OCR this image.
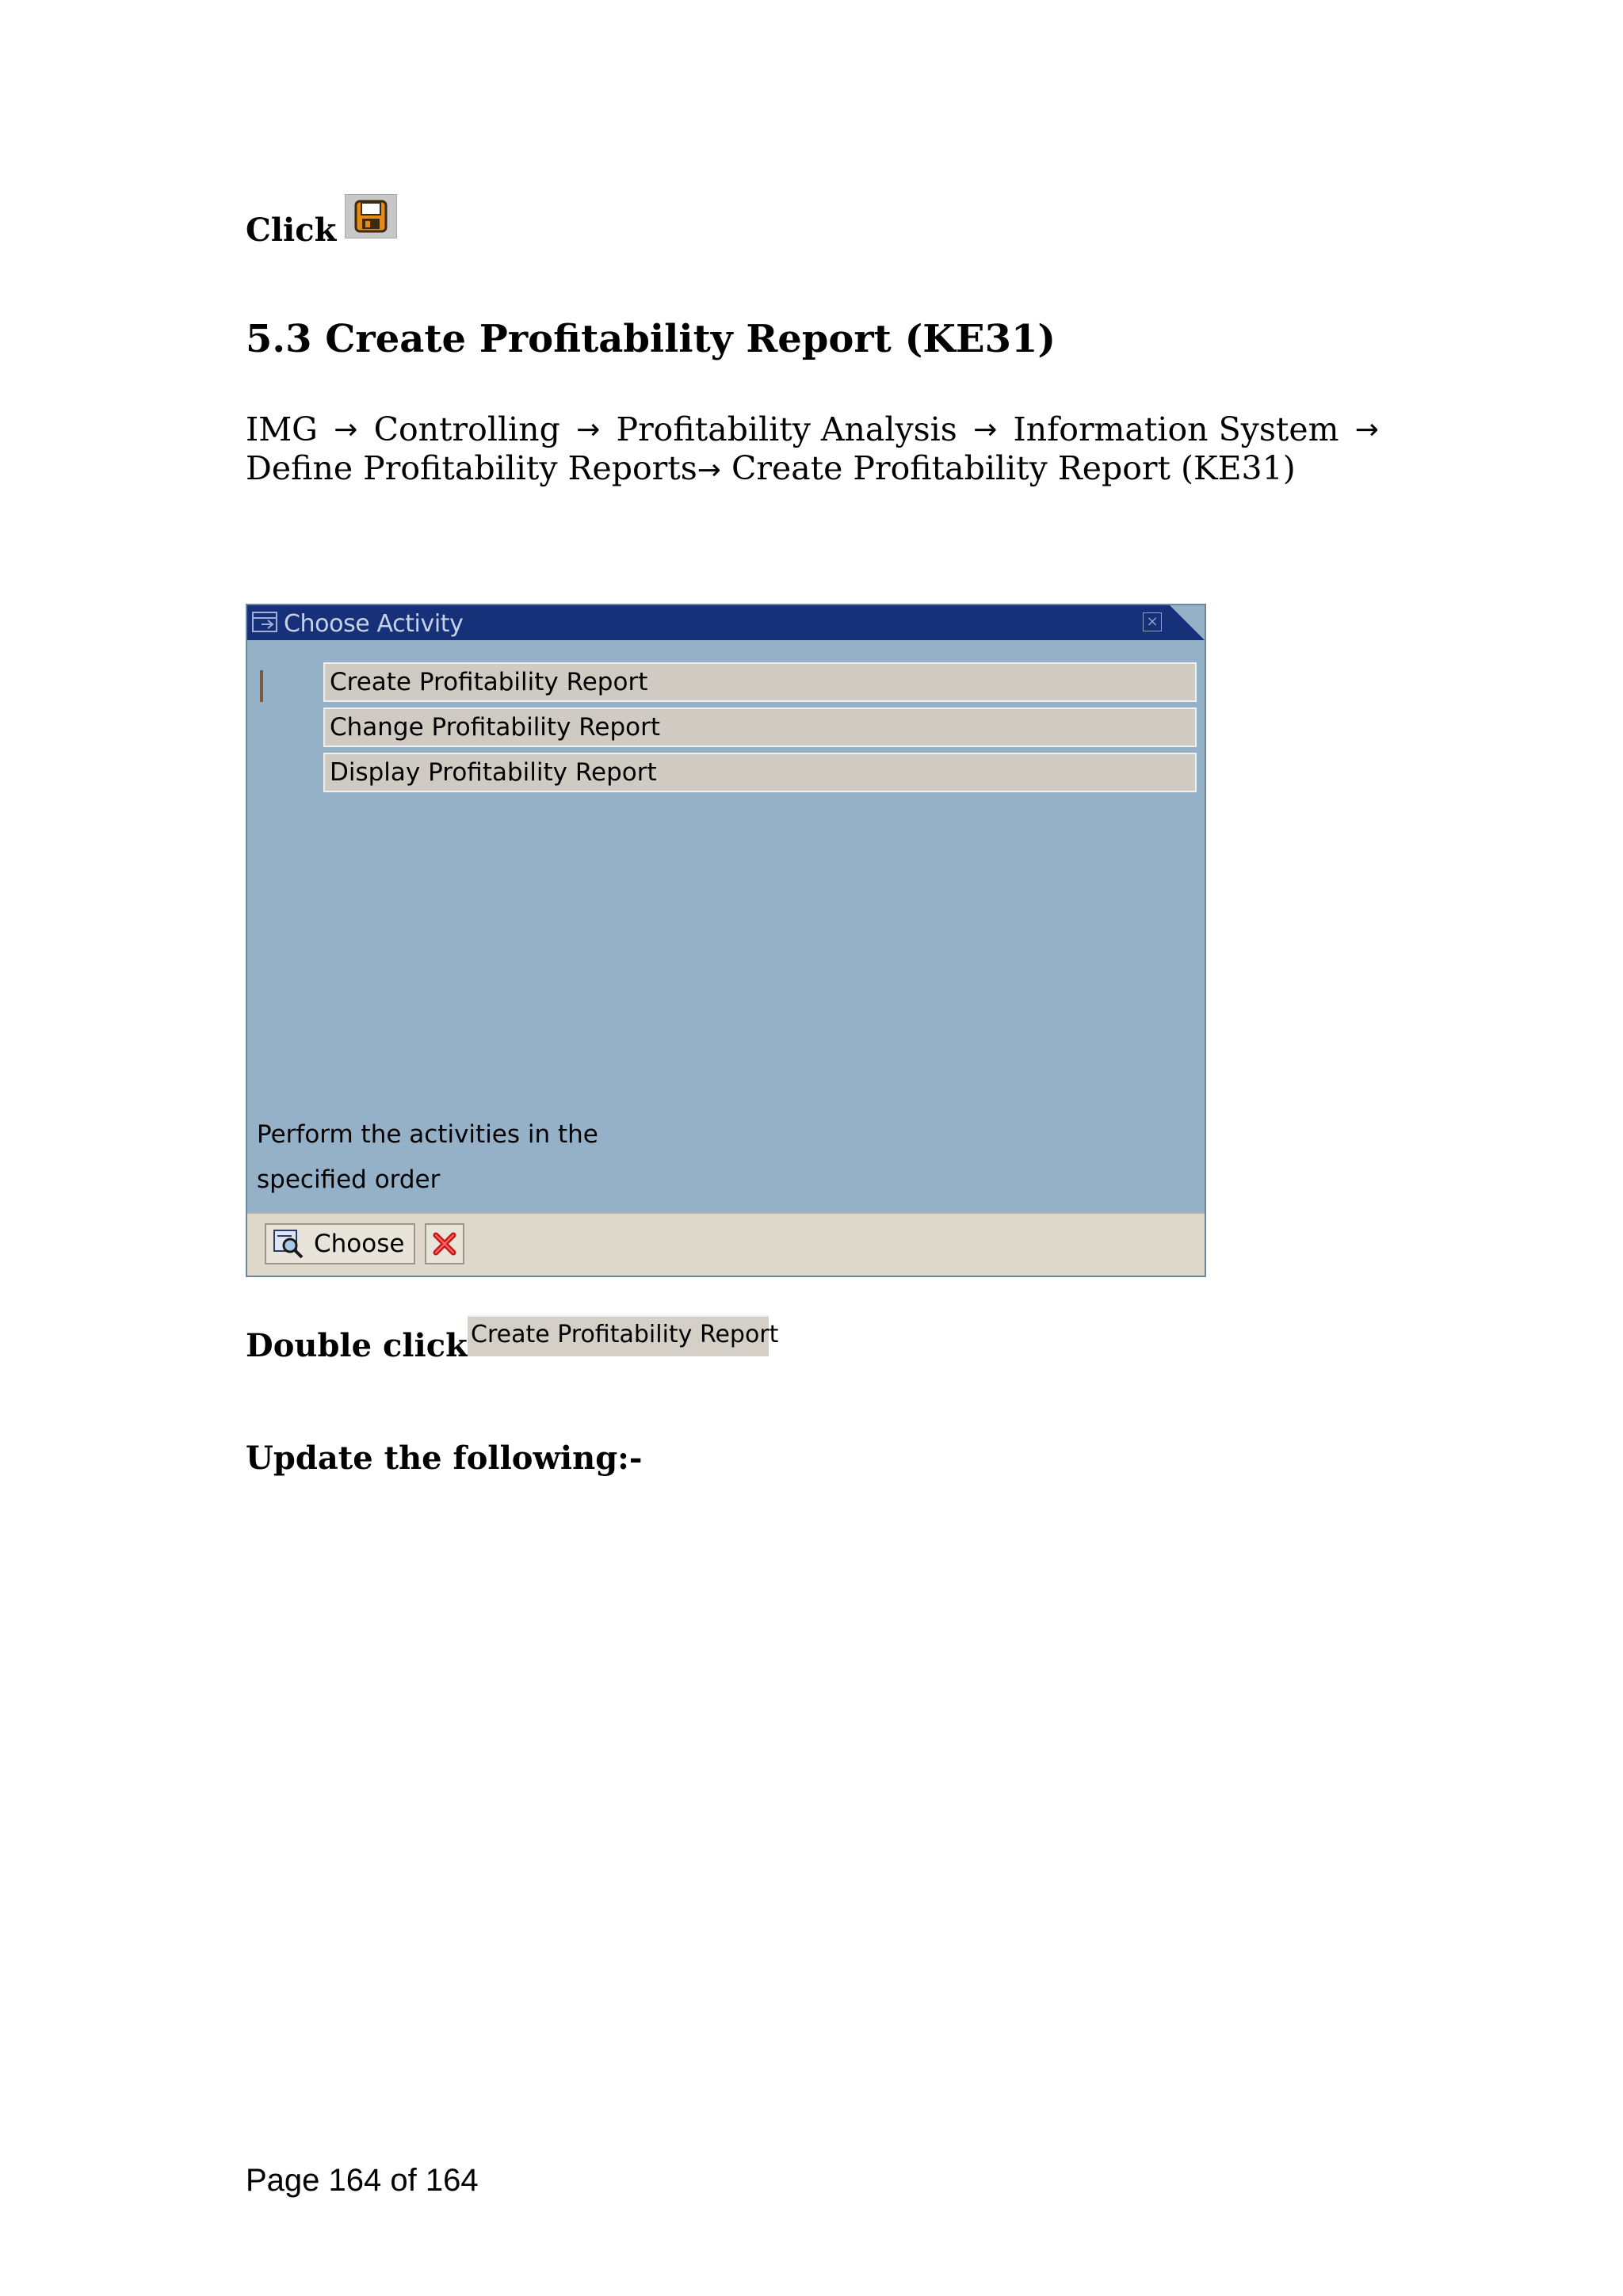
Click
5.3 Create Profitability Report (KE31)
IMG → Controlling → Profitability Analysis → Information System →
Define Profitability Reports→ Create Profitability Report (KE31)
Choose Activity	×
Create Profitability Report
Change Profitability Report
Display Profitability Report
Perform the activities in the
specified order
Choose
Double click Create Profitability Report
Update the following:-
Page 164 of 164
